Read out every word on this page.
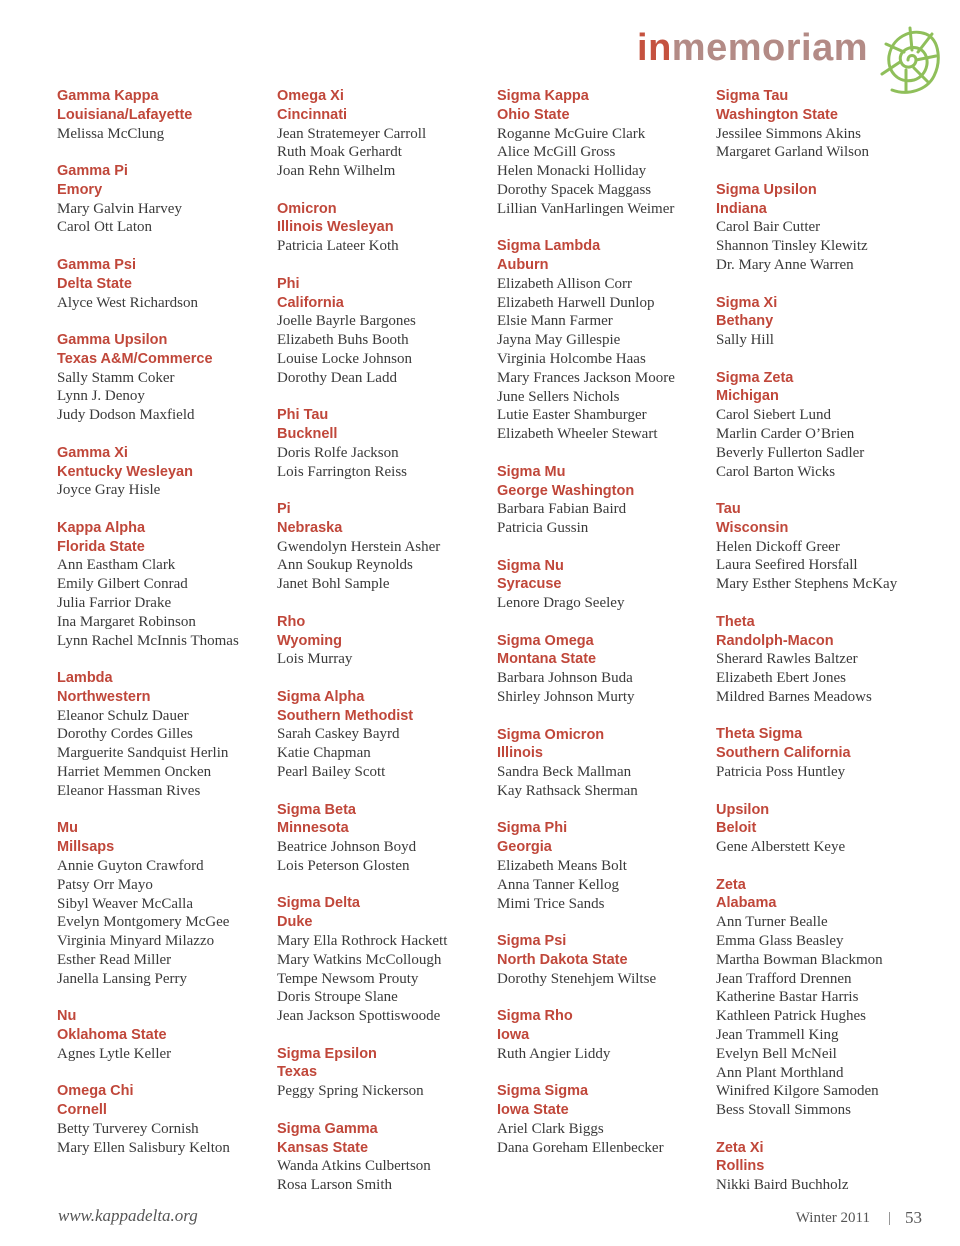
inmemoriam
Gamma Kappa
Louisiana/Lafayette
Melissa McClung
Gamma Pi
Emory
Mary Galvin Harvey
Carol Ott Laton
Gamma Psi
Delta State
Alyce West Richardson
Gamma Upsilon
Texas A&M/Commerce
Sally Stamm Coker
Lynn J. Denoy
Judy Dodson Maxfield
Gamma Xi
Kentucky Wesleyan
Joyce Gray Hisle
Kappa Alpha
Florida State
Ann Eastham Clark
Emily Gilbert Conrad
Julia Farrior Drake
Ina Margaret Robinson
Lynn Rachel McInnis Thomas
Lambda
Northwestern
Eleanor Schulz Dauer
Dorothy Cordes Gilles
Marguerite Sandquist Herlin
Harriet Memmen Oncken
Eleanor Hassman Rives
Mu
Millsaps
Annie Guyton Crawford
Patsy Orr Mayo
Sibyl Weaver McCalla
Evelyn Montgomery McGee
Virginia Minyard Milazzo
Esther Read Miller
Janella Lansing Perry
Nu
Oklahoma State
Agnes Lytle Keller
Omega Chi
Cornell
Betty Turverey Cornish
Mary Ellen Salisbury Kelton
Omega Xi
Cincinnati
Jean Stratemeyer Carroll
Ruth Moak Gerhardt
Joan Rehn Wilhelm
Omicron
Illinois Wesleyan
Patricia Lateer Koth
Phi
California
Joelle Bayrle Bargones
Elizabeth Buhs Booth
Louise Locke Johnson
Dorothy Dean Ladd
Phi Tau
Bucknell
Doris Rolfe Jackson
Lois Farrington Reiss
Pi
Nebraska
Gwendolyn Herstein Asher
Ann Soukup Reynolds
Janet Bohl Sample
Rho
Wyoming
Lois Murray
Sigma Alpha
Southern Methodist
Sarah Caskey Bayrd
Katie Chapman
Pearl Bailey Scott
Sigma Beta
Minnesota
Beatrice Johnson Boyd
Lois Peterson Glosten
Sigma Delta
Duke
Mary Ella Rothrock Hackett
Mary Watkins McCollough
Tempe Newsom Prouty
Doris Stroupe Slane
Jean Jackson Spottiswoode
Sigma Epsilon
Texas
Peggy Spring Nickerson
Sigma Gamma
Kansas State
Wanda Atkins Culbertson
Rosa Larson Smith
Sigma Kappa
Ohio State
Roganne McGuire Clark
Alice McGill Gross
Helen Monacki Holliday
Dorothy Spacek Maggass
Lillian VanHarlingen Weimer
Sigma Lambda
Auburn
Elizabeth Allison Corr
Elizabeth Harwell Dunlop
Elsie Mann Farmer
Jayna May Gillespie
Virginia Holcombe Haas
Mary Frances Jackson Moore
June Sellers Nichols
Lutie Easter Shamburger
Elizabeth Wheeler Stewart
Sigma Mu
George Washington
Barbara Fabian Baird
Patricia Gussin
Sigma Nu
Syracuse
Lenore Drago Seeley
Sigma Omega
Montana State
Barbara Johnson Buda
Shirley Johnson Murty
Sigma Omicron
Illinois
Sandra Beck Mallman
Kay Rathsack Sherman
Sigma Phi
Georgia
Elizabeth Means Bolt
Anna Tanner Kellog
Mimi Trice Sands
Sigma Psi
North Dakota State
Dorothy Stenehjem Wiltse
Sigma Rho
Iowa
Ruth Angier Liddy
Sigma Sigma
Iowa State
Ariel Clark Biggs
Dana Goreham Ellenbecker
Sigma Tau
Washington State
Jessilee Simmons Akins
Margaret Garland Wilson
Sigma Upsilon
Indiana
Carol Bair Cutter
Shannon Tinsley Klewitz
Dr. Mary Anne Warren
Sigma Xi
Bethany
Sally Hill
Sigma Zeta
Michigan
Carol Siebert Lund
Marlin Carder O’Brien
Beverly Fullerton Sadler
Carol Barton Wicks
Tau
Wisconsin
Helen Dickoff Greer
Laura Seefired Horsfall
Mary Esther Stephens McKay
Theta
Randolph-Macon
Sherard Rawles Baltzer
Elizabeth Ebert Jones
Mildred Barnes Meadows
Theta Sigma
Southern California
Patricia Poss Huntley
Upsilon
Beloit
Gene Alberstett Keye
Zeta
Alabama
Ann Turner Bealle
Emma Glass Beasley
Martha Bowman Blackmon
Jean Trafford Drennen
Katherine Bastar Harris
Kathleen Patrick Hughes
Jean Trammell King
Evelyn Bell McNeil
Ann Plant Morthland
Winifred Kilgore Samoden
Bess Stovall Simmons
Zeta Xi
Rollins
Nikki Baird Buchholz
www.kappadelta.org	Winter 2011 | 53
